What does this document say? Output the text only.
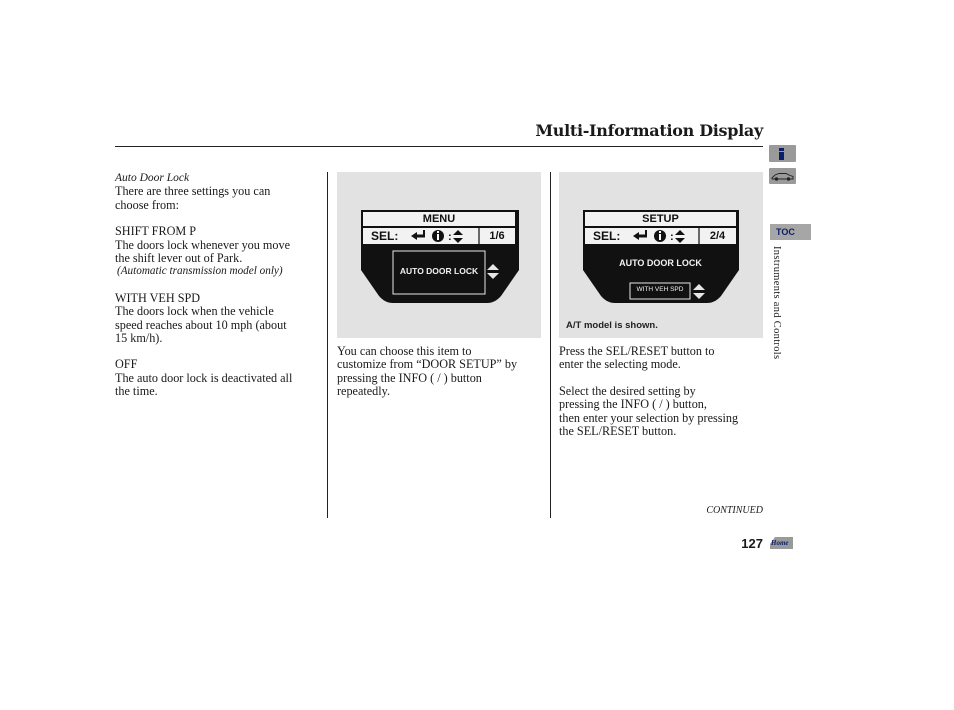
Multi-Information Display

Auto Door Lock

There are three settings you can

choose from:

SHIFT FROM P

The doors lock whenever you move

the shift lever out of Park.

(Automatic transmission model only)

WITH VEH SPD

The doors lock when the vehicle

speed reaches about 10 mph (about

15 km/h).

OFF

The auto door lock is deactivated all

the time.

:
MENU
SEL:	1/6
AUTO DOOR LOCK

You can choose this item to

customize from “DOOR SETUP” by

pressing the INFO ( / ) button

repeatedly.

:
SETUP
SEL:	2/4
AUTO DOOR LOCK
WITH VEH SPD
A/T model is shown.

Press the SEL/RESET button to

enter the selecting mode.

Select the desired setting by

pressing the INFO ( / ) button,

then enter your selection by pressing

the SEL/RESET button.

TOC
Instruments and Controls
CONTINUED
127 Home
